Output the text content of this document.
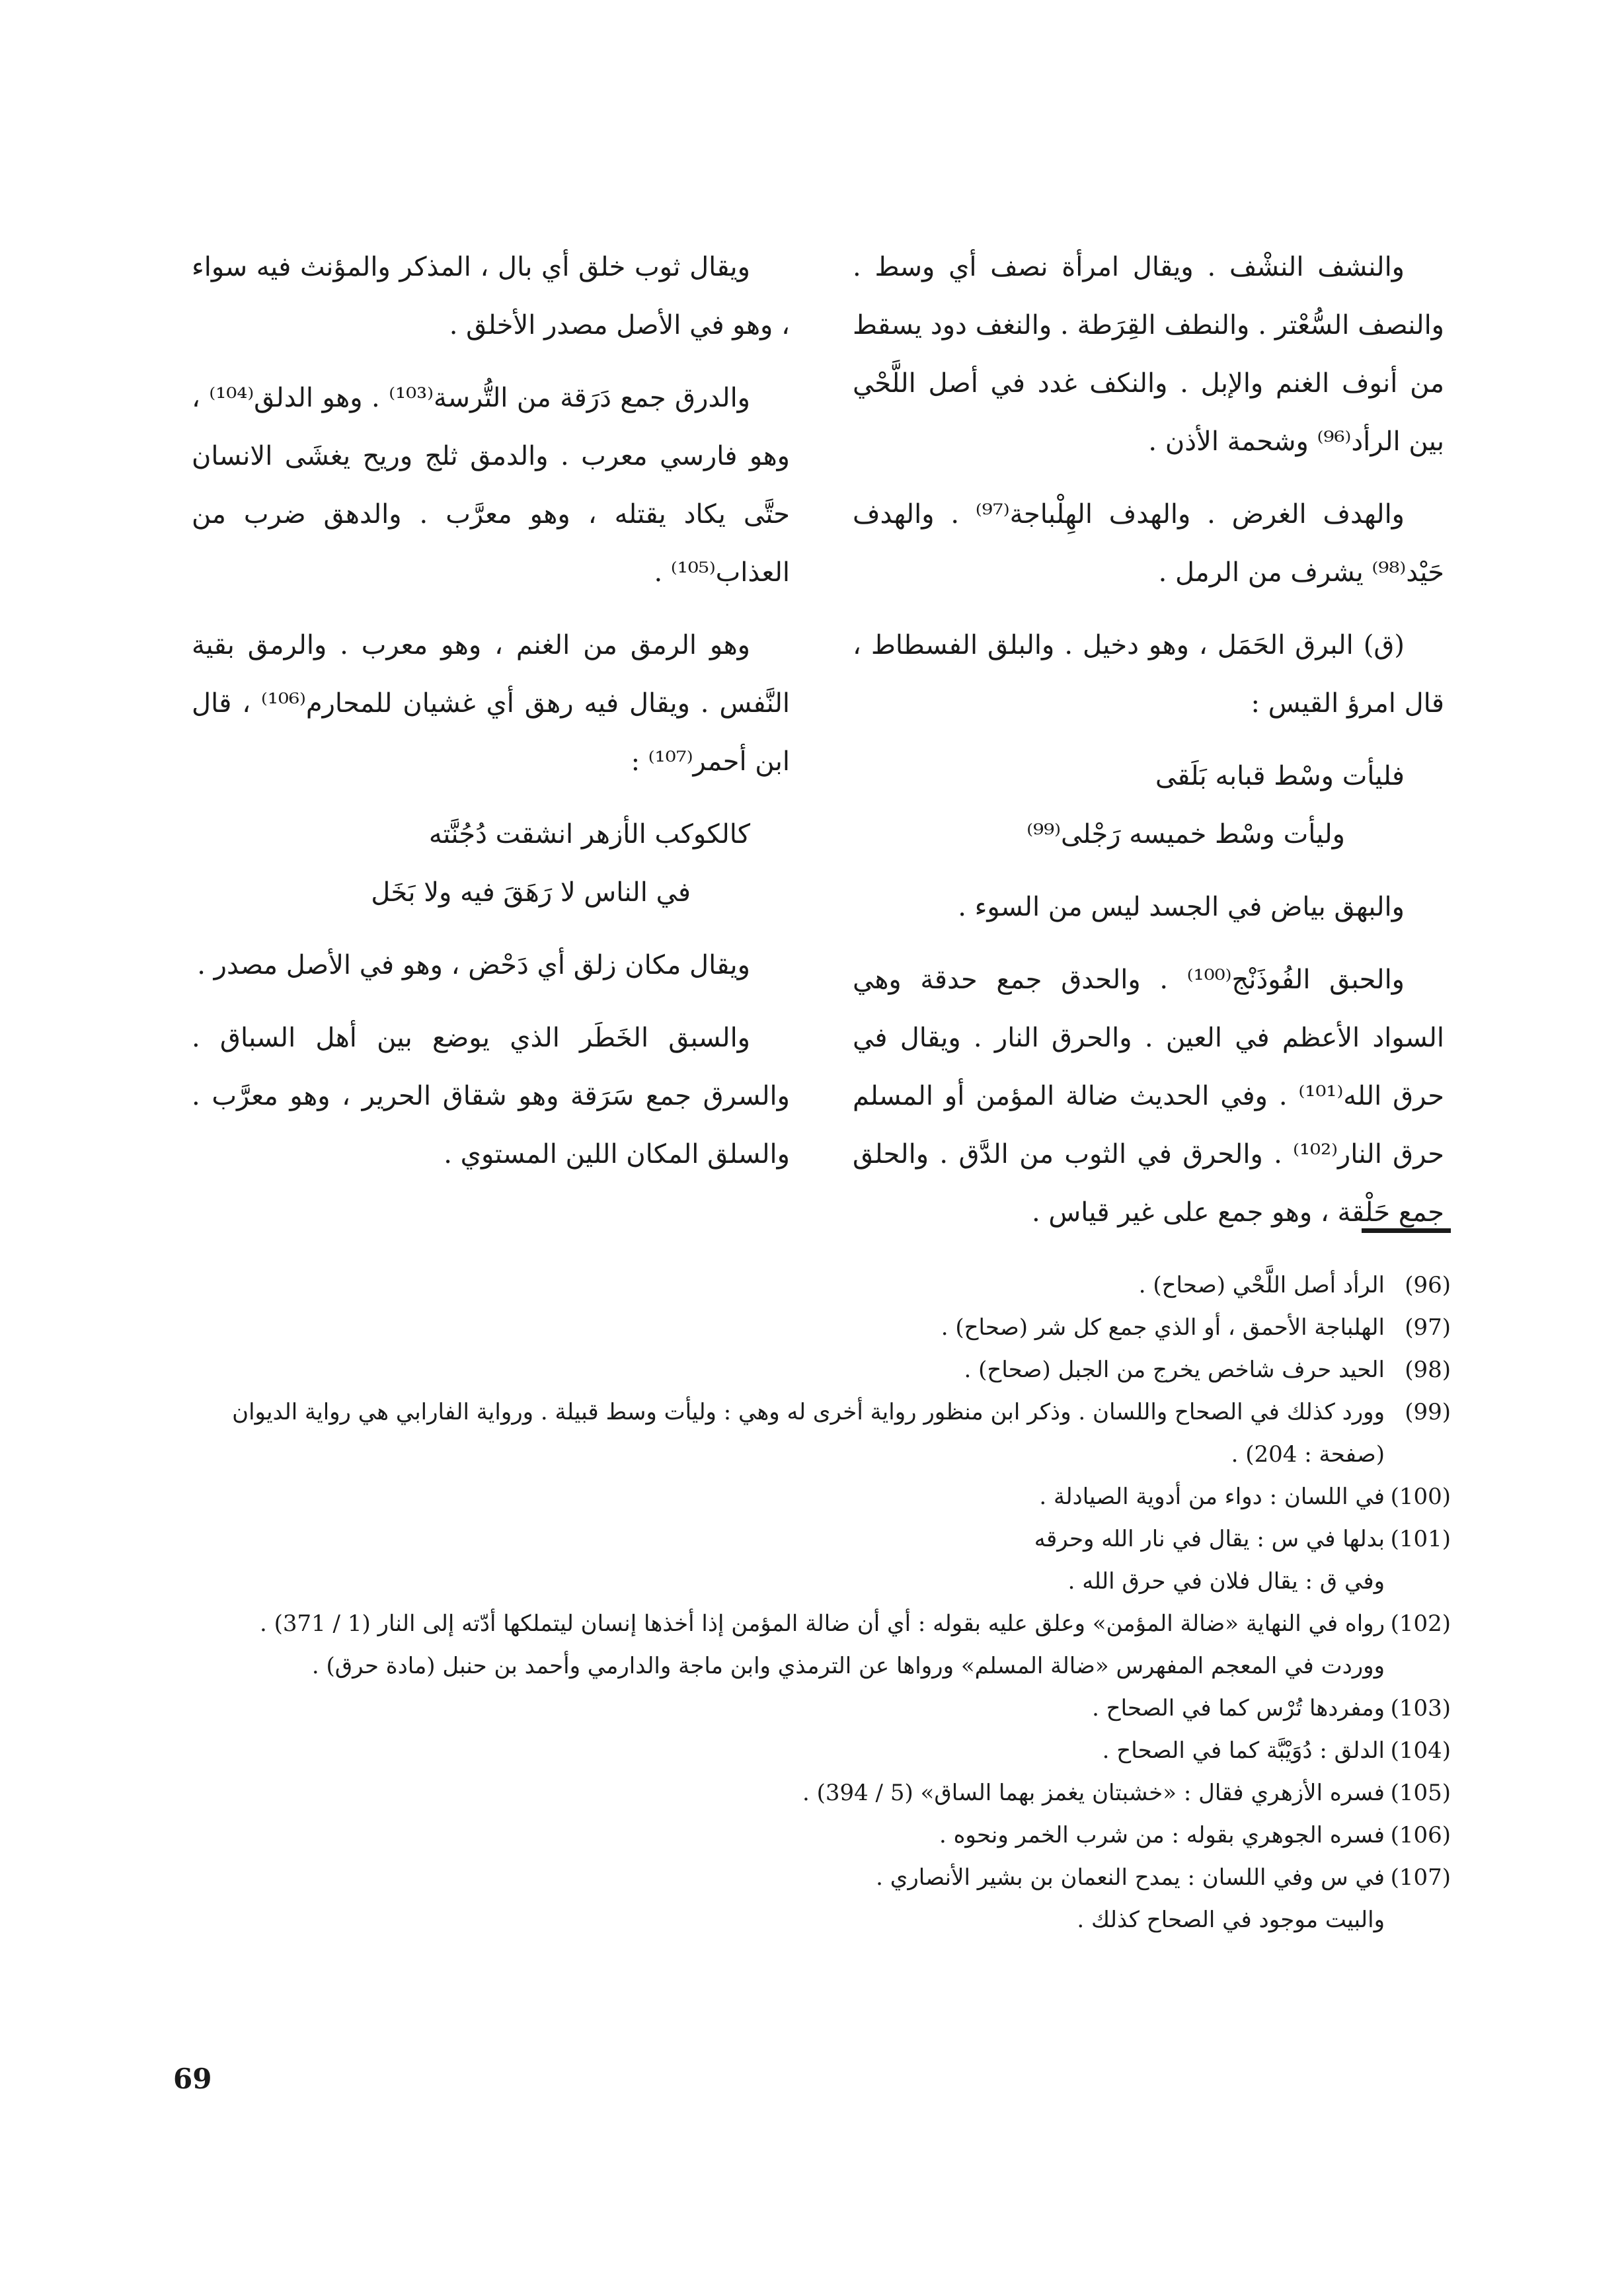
والنشف النشْف . ويقال امرأة نصف أي وسط . والنصف السُّعْتر . والنطف القِرَطة . والنغف دود يسقط من أنوف الغنم والإبل . والنكف غدد في أصل اللَّحْي بين الرأد⁽⁹⁶⁾ وشحمة الأذن .

والهدف الغرض . والهدف الهِلْباجة⁽⁹⁷⁾ . والهدف حَيْد⁽⁹⁸⁾ يشرف من الرمل .

(ق) البرق الحَمَل ، وهو دخيل . والبلق الفسطاط ، قال امرؤ القيس :

فليأت وسْط قبابه بَلَقى
وليأت وسْط خميسه رَجْلى⁽⁹⁹⁾

والبهق بياض في الجسد ليس من السوء .

والحبق الفُوذَنْج⁽¹⁰⁰⁾ . والحدق جمع حدقة وهي السواد الأعظم في العين . والحرق النار . ويقال في حرق الله⁽¹⁰¹⁾ . وفي الحديث ضالة المؤمن أو المسلم حرق النار⁽¹⁰²⁾ . والحرق في الثوب من الدَّق . والحلق جمع حَلْقة ، وهو جمع على غير قياس .

ويقال ثوب خلق أي بال ، المذكر والمؤنث فيه سواء ، وهو في الأصل مصدر الأخلق .

والدرق جمع دَرَقة من التُّرسة⁽¹⁰³⁾ . وهو الدلق⁽¹⁰⁴⁾ ، وهو فارسي معرب . والدمق ثلج وريح يغشَى الانسان حتَّى يكاد يقتله ، وهو معرَّب . والدهق ضرب من العذاب⁽¹⁰⁵⁾ .

وهو الرمق من الغنم ، وهو معرب . والرمق بقية النَّفس . ويقال فيه رهق أي غشيان للمحارم⁽¹⁰⁶⁾ ، قال ابن أحمر⁽¹⁰⁷⁾ :

كالكوكب الأزهر انشقت دُجُنَّته
في الناس لا رَهَقَ فيه ولا بَخَل

ويقال مكان زلق أي دَحْض ، وهو في الأصل مصدر .

والسبق الخَطَر الذي يوضع بين أهل السباق . والسرق جمع سَرَقة وهو شقاق الحرير ، وهو معرَّب . والسلق المكان اللين المستوي .

(96)
الرأد أصل اللَّحْي (صحاح) .
(97)
الهلباجة الأحمق ، أو الذي جمع كل شر (صحاح) .
(98)
الحيد حرف شاخص يخرج من الجبل (صحاح) .
(99)
وورد كذلك في الصحاح واللسان . وذكر ابن منظور رواية أخرى له وهي : وليأت وسط قبيلة . ورواية الفارابي هي رواية الديوان
(صفحة : 204) .
(100)
في اللسان : دواء من أدوية الصيادلة .
(101)
بدلها في س : يقال في نار الله وحرقه
وفي ق : يقال فلان في حرق الله .
(102)
رواه في النهاية «ضالة المؤمن» وعلق عليه بقوله : أي أن ضالة المؤمن إذا أخذها إنسان ليتملكها أدّته إلى النار (1 / 371) .
ووردت في المعجم المفهرس «ضالة المسلم» ورواها عن الترمذي وابن ماجة والدارمي وأحمد بن حنبل (مادة حرق) .
(103)
ومفردها تُرْس كما في الصحاح .
(104)
الدلق : دُوَيْبَّة كما في الصحاح .
(105)
فسره الأزهري فقال : «خشبتان يغمز بهما الساق» (5 / 394) .
(106)
فسره الجوهري بقوله : من شرب الخمر ونحوه .
(107)
في س وفي اللسان : يمدح النعمان بن بشير الأنصاري .
والبيت موجود في الصحاح كذلك .
69
